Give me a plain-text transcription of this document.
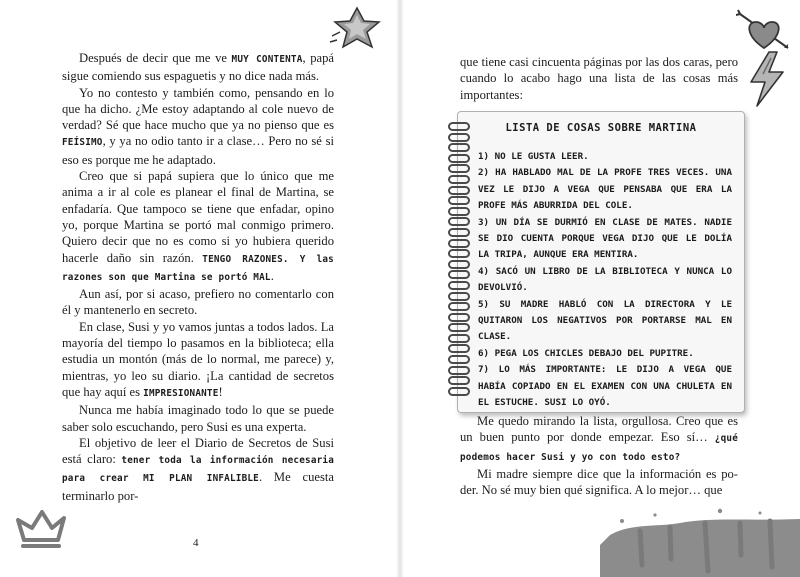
Después de decir que me ve MUY CONTENTA, papá sigue comiendo sus espaguetis y no dice nada más.

Yo no contesto y también como, pensando en lo que ha dicho. ¿Me estoy adaptando al cole nuevo de verdad? Sé que hace mucho que ya no pienso que es FEÍSIMO, y ya no odio tanto ir a clase… Pero no sé si eso es porque me he adaptado.

Creo que si papá supiera que lo único que me anima a ir al cole es planear el final de Martina, se enfadaría. Que tampoco se tiene que enfadar, opino yo, porque Martina se portó mal conmigo primero. Quiero decir que no es como si yo hubiera querido hacerle daño sin razón. TENGO RAZONES. Y las razones son que Martina se portó MAL.

Aun así, por si acaso, prefiero no comentarlo con él y mantenerlo en secreto.

En clase, Susi y yo vamos juntas a todos lados. La mayoría del tiempo lo pasamos en la biblioteca; ella estudia un montón (más de lo normal, me parece) y, mientras, yo leo su diario. ¡La cantidad de secretos que hay aquí es IMPRESIONANTE!

Nunca me había imaginado todo lo que se puede saber solo escuchando, pero Susi es una experta.

El objetivo de leer el Diario de Secretos de Susi está claro: tener toda la información necesaria para crear MI PLAN INFALIBLE. Me cuesta terminarlo por-

4

que tiene casi cincuenta páginas por las dos caras, pero cuando lo acabo hago una lista de las cosas más importantes:

LISTA DE COSAS SOBRE MARTINA
1) NO LE GUSTA LEER.
2) HA HABLADO MAL DE LA PROFE TRES VECES. UNA VEZ LE DIJO A VEGA QUE PENSABA QUE ERA LA PROFE MÁS ABURRIDA DEL COLE.
3) UN DÍA SE DURMIÓ EN CLASE DE MATES. NADIE SE DIO CUENTA PORQUE VEGA DIJO QUE LE DOLÍA LA TRIPA, AUNQUE ERA MENTIRA.
4) SACÓ UN LIBRO DE LA BIBLIOTECA Y NUNCA LO DEVOLVIÓ.
5) SU MADRE HABLÓ CON LA DIRECTORA Y LE QUITARON LOS NEGATIVOS POR PORTARSE MAL EN CLASE.
6) PEGA LOS CHICLES DEBAJO DEL PUPITRE.
7) LO MÁS IMPORTANTE: LE DIJO A VEGA QUE HABÍA COPIADO EN EL EXAMEN CON UNA CHULETA EN EL ESTUCHE. SUSI LO OYÓ.

Me quedo mirando la lista, orgullosa. Creo que es un buen punto por donde empezar. Eso sí… ¿qué podemos hacer Susi y yo con todo esto?

Mi madre siempre dice que la información es poder. No sé muy bien qué significa. A lo mejor… que
